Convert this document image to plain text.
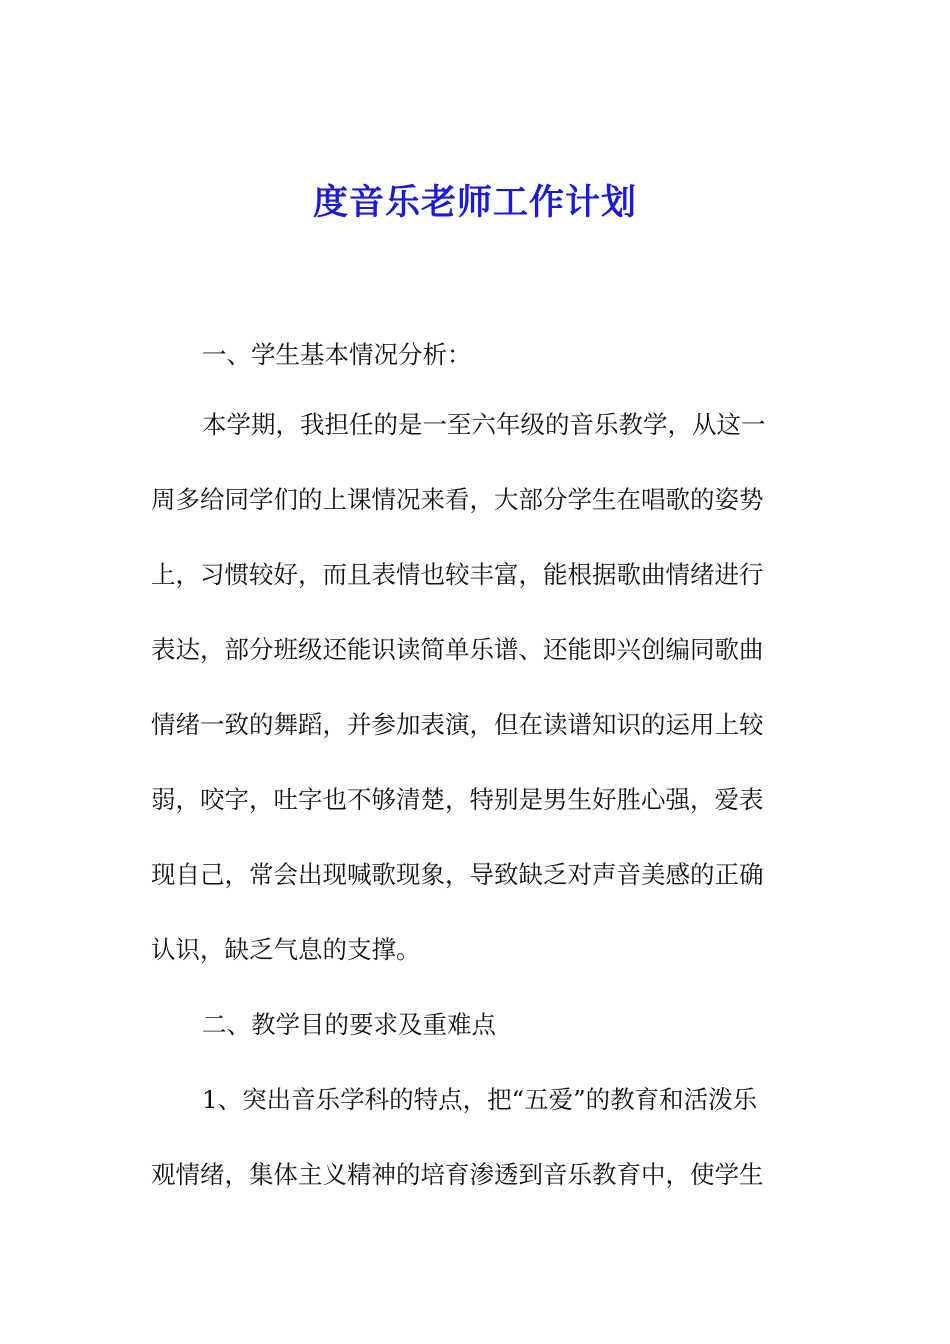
度音乐老师工作计划

一、学生基本情况分析：

本学期，我担任的是一至六年级的音乐教学，从这一

周多给同学们的上课情况来看，大部分学生在唱歌的姿势

上，习惯较好，而且表情也较丰富，能根据歌曲情绪进行

表达，部分班级还能识读简单乐谱、还能即兴创编同歌曲

情绪一致的舞蹈，并参加表演，但在读谱知识的运用上较

弱，咬字，吐字也不够清楚，特别是男生好胜心强，爱表

现自己，常会出现喊歌现象，导致缺乏对声音美感的正确

认识，缺乏气息的支撑。

二、教学目的要求及重难点

1、突出音乐学科的特点，把“五爱”的教育和活泼乐

观情绪，集体主义精神的培育渗透到音乐教育中，使学生
